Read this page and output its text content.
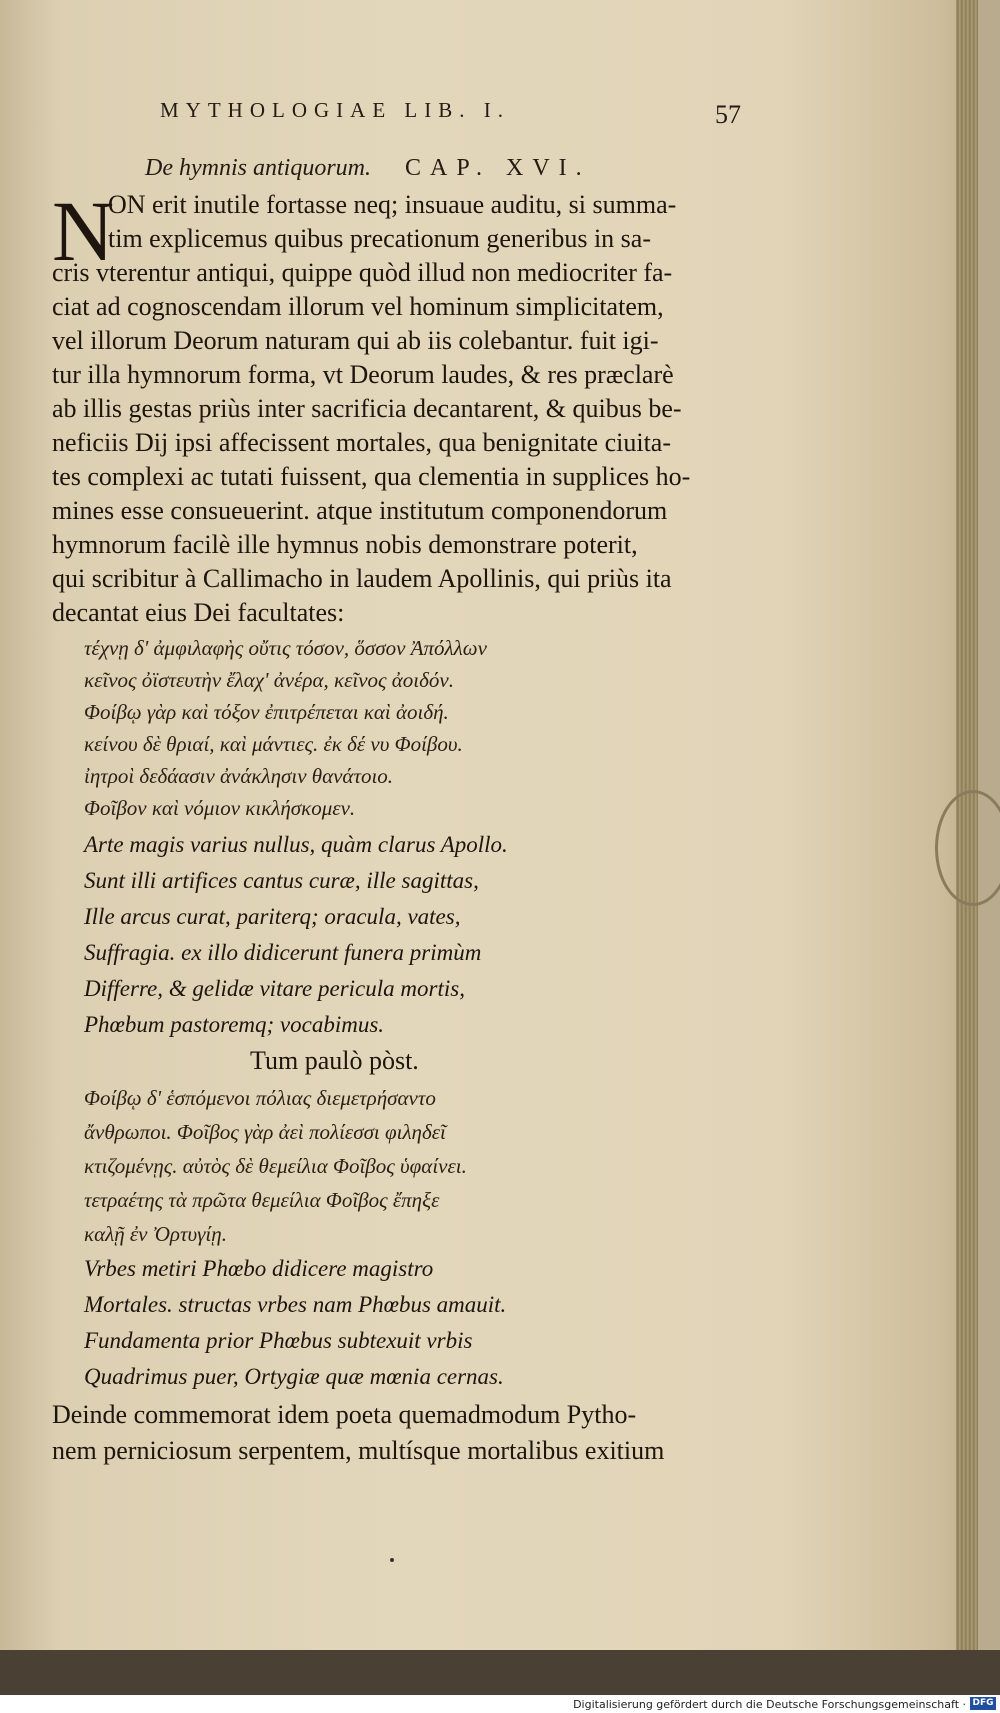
MYTHOLOGIAE LIB. I.	57
De hymnis antiquorum. CAP. XVI.
N
ON erit inutile fortasse neq; insuaue auditu, si summa-
tim explicemus quibus precationum generibus in sa-
cris vterentur antiqui, quippe quòd illud non mediocriter fa-
ciat ad cognoscendam illorum vel hominum simplicitatem,
vel illorum Deorum naturam qui ab iis colebantur. fuit igi-
tur illa hymnorum forma, vt Deorum laudes, & res præclarè
ab illis gestas priùs inter sacrificia decantarent, & quibus be-
neficiis Dij ipsi affecissent mortales, qua benignitate ciuita-
tes complexi ac tutati fuissent, qua clementia in supplices ho-
mines esse consueuerint. atque institutum componendorum
hymnorum facilè ille hymnus nobis demonstrare poterit,
qui scribitur à Callimacho in laudem Apollinis, qui priùs ita
decantat eius Dei facultates:
τέχνῃ δ' ἀμφιλαφὴς οὔτις τόσον, ὅσσον Ἀπόλλων
κεῖνος ὀϊστευτὴν ἔλαχ' ἀνέρα, κεῖνος ἀοιδόν.
Φοίβῳ γὰρ καὶ τόξον ἐπιτρέπεται καὶ ἀοιδή.
κείνου δὲ θριαί, καὶ μάντιες. ἐκ δέ νυ Φοίβου.
ἰητροὶ δεδάασιν ἀνάκλησιν θανάτοιο.
Φοῖβον καὶ νόμιον κικλήσκομεν.
Arte magis varius nullus, quàm clarus Apollo.
Sunt illi artifices cantus curæ, ille sagittas,
Ille arcus curat, pariterq; oracula, vates,
Suffragia. ex illo didicerunt funera primùm
Differre, & gelidæ vitare pericula mortis,
Phœbum pastoremq; vocabimus.
Tum paulò pòst.
Φοίβῳ δ' ἑσπόμενοι πόλιας διεμετρήσαντο
ἄνθρωποι. Φοῖβος γὰρ ἀεὶ πολίεσσι φιληδεῖ
κτιζομένῃς. αὐτὸς δὲ θεμείλια Φοῖβος ὑφαίνει.
τετραέτης τὰ πρῶτα θεμείλια Φοῖβος ἔπηξε
καλῇ ἐν Ὀρτυγίῃ.
Vrbes metiri Phœbo didicere magistro
Mortales. structas vrbes nam Phœbus amauit.
Fundamenta prior Phœbus subtexuit vrbis
Quadrimus puer, Ortygiæ quæ mœnia cernas.
Deinde commemorat idem poeta quemadmodum Pytho-
nem perniciosum serpentem, multísque mortalibus exitium
Digitalisierung gefördert durch die Deutsche Forschungsgemeinschaft · DFG
